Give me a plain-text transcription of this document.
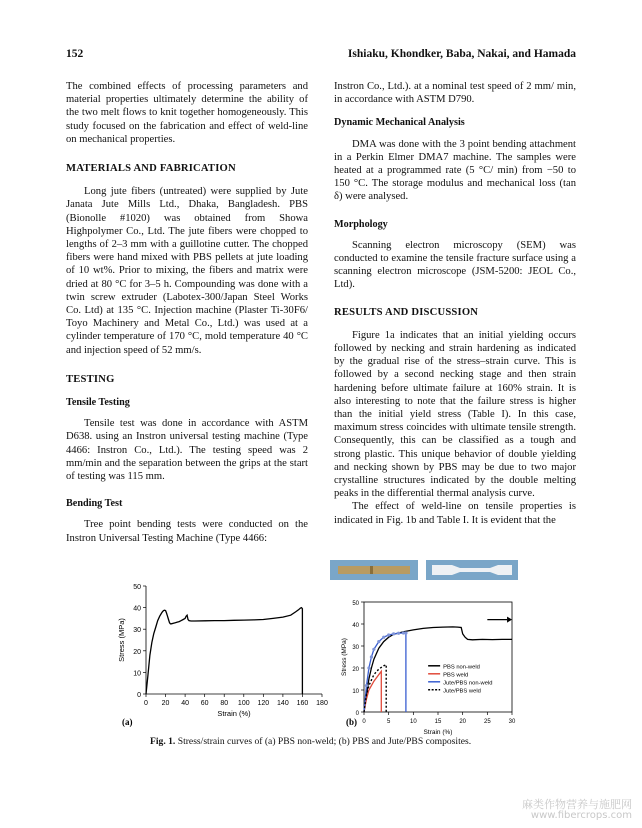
152	Ishiaku, Khondker, Baba, Nakai, and Hamada

The combined effects of processing parameters and material properties ultimately determine the ability of the two melt flows to knit together homogeneously. This study focused on the fabrication and effect of weld-line on mechanical properties.

MATERIALS AND FABRICATION

Long jute fibers (untreated) were supplied by Jute Janata Jute Mills Ltd., Dhaka, Bangladesh. PBS (Bionolle #1020) was obtained from Showa Highpolymer Co., Ltd. The jute fibers were chopped to lengths of 2–3 mm with a guillotine cutter. The chopped fibers were hand mixed with PBS pellets at jute loading of 10 wt%. Prior to mixing, the fibers and matrix were dried at 80 °C for 3–5 h. Compounding was done with a twin screw extruder (Labotex-300/Japan Steel Works Co. Ltd) at 135 °C. Injection machine (Plaster Ti-30F6/ Toyo Machinery and Metal Co., Ltd.) was used at a cylinder temperature of 170 °C, mold temperature 40 °C and injection speed of 52 mm/s.

TESTING
Tensile Testing

Tensile test was done in accordance with ASTM D638. using an Instron universal testing machine (Type 4466: Instron Co., Ltd.). The testing speed was 2 mm/min and the separation between the grips at the start of testing was 115 mm.

Bending Test

Tree point bending tests were conducted on the Instron Universal Testing Machine (Type 4466:

Instron Co., Ltd.). at a nominal test speed of 2 mm/ min, in accordance with ASTM D790.

Dynamic Mechanical Analysis

DMA was done with the 3 point bending attachment in a Perkin Elmer DMA7 machine. The samples were heated at a programmed rate (5 °C/ min) from −50 to 150 °C. The storage modulus and mechanical loss (tan δ) were analysed.

Morphology

Scanning electron microscopy (SEM) was conducted to examine the tensile fracture surface using a scanning electron microscope (JSM-5200: JEOL Co., Ltd).

RESULTS AND DISCUSSION

Figure 1a indicates that an initial yielding occurs followed by necking and strain hardening as indicated by the gradual rise of the stress–strain curve. This is followed by a second necking stage and then strain hardening before ultimate failure at 160% strain. It is also interesting to note that the failure stress is higher than the initial yield stress (Table I). In this case, maximum stress coincides with ultimate tensile strength. Consequently, this can be classified as a tough and strong plastic. This unique behavior of double yielding and necking shown by PBS may be due to two major crystalline structures indicated by the double melting peaks in the differential thermal analysis curve.

The effect of weld-line on tensile properties is indicated in Fig. 1b and Table I. It is evident that the

0 20 40 60 80 100 120 140 160 180
0
10
20
30
40
50
Strain (%)
Stress (MPa)
0	5	10	15	20	25	30
0
10
20
30
40
50
Strain (%)
Stress (MPa)	PBS non-weld
PBS weld
Jute/PBS non-weld
Jute/PBS weld
(a)	(b)
Fig. 1. Stress/strain curves of (a) PBS non-weld; (b) PBS and Jute/PBS composites.
麻类作物营养与施肥网
www.fibercrops.com
